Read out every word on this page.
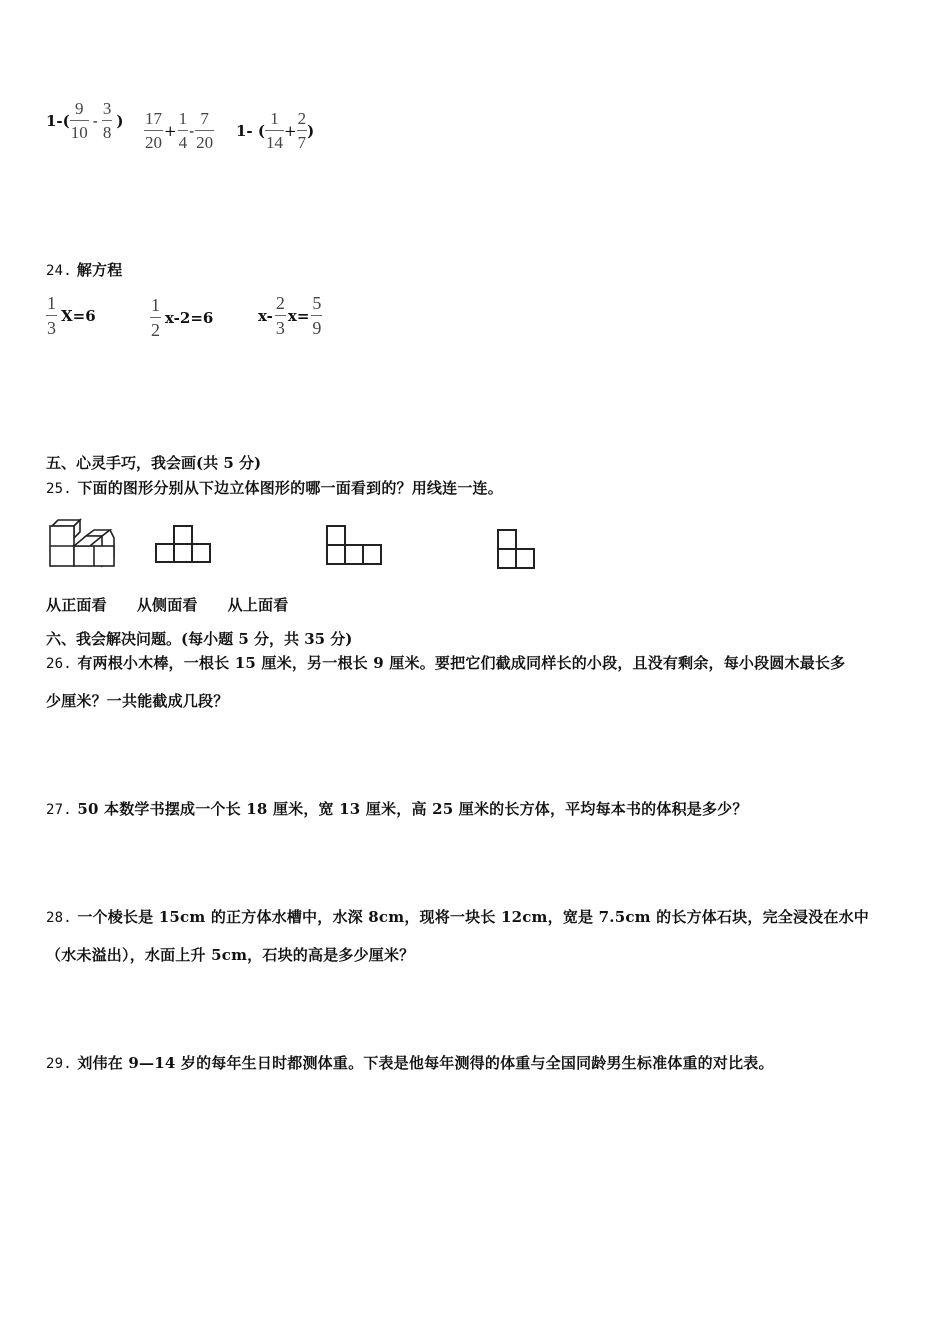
$1-( \frac{9}{10} - \frac{3}{8}$ ) $\frac{17}{20} + \frac{1}{4} - \frac{7}{20} 1-$ ( $\frac{1}{14} + \frac{2}{7}$ )
24. 解方程
$\frac{1}{3} X=6$	$\frac{1}{2} x-2=6$	$x- \frac{2}{3} x= \frac{5}{9}$
五、心灵手巧，我会画(共 5 分)
25. 下面的图形分别从下边立体图形的哪一面看到的？用线连一连。
从正面看 从侧面看 从上面看
六、我会解决问题。(每小题 5 分，共 35 分)
26. 有两根小木棒，一根长 15 厘米，另一根长 9 厘米。要把它们截成同样长的小段，且没有剩余，每小段圆木最长多
少厘米？一共能截成几段？
27. 50 本数学书摆成一个长 18 厘米，宽 13 厘米，高 25 厘米的长方体，平均每本书的体积是多少？
28. 一个棱长是 15cm 的正方体水槽中，水深 8cm，现将一块长 12cm，宽是 7.5cm 的长方体石块，完全浸没在水中
（水未溢出），水面上升 5cm，石块的高是多少厘米？
29. 刘伟在 9—14 岁的每年生日时都测体重。下表是他每年测得的体重与全国同龄男生标准体重的对比表。
